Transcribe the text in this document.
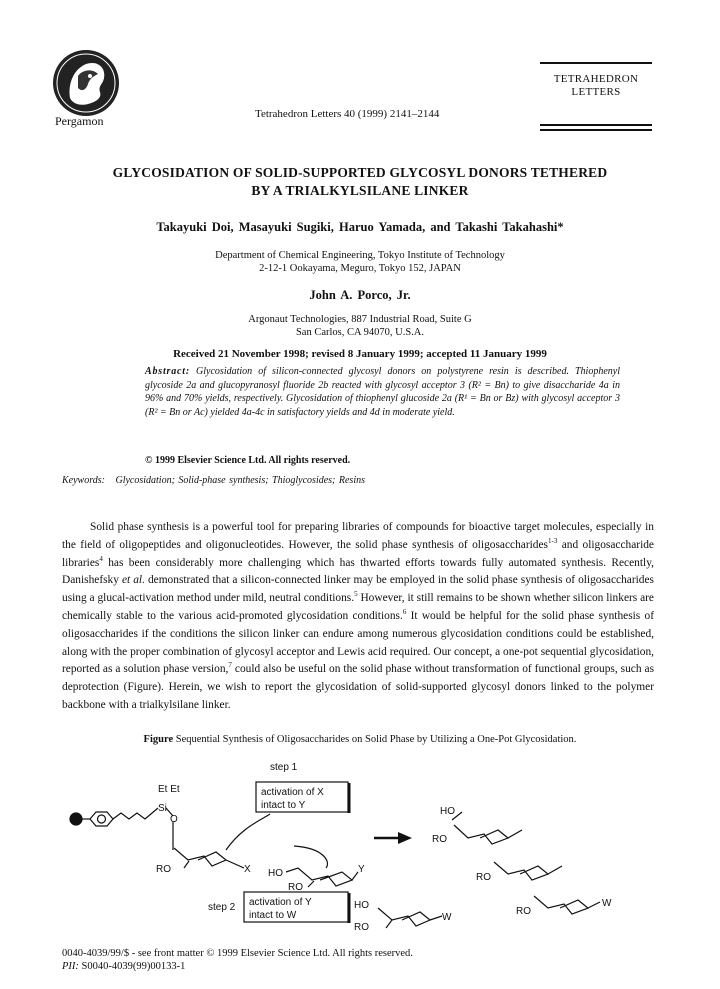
Pergamon	Tetrahedron Letters 40 (1999) 2141–2144
TETRAHEDRON
LETTERS
GLYCOSIDATION OF SOLID-SUPPORTED GLYCOSYL DONORS TETHERED
BY A TRIALKYLSILANE LINKER
Takayuki Doi, Masayuki Sugiki, Haruo Yamada, and Takashi Takahashi*
Department of Chemical Engineering, Tokyo Institute of Technology
2-12-1 Ookayama, Meguro, Tokyo 152, JAPAN
John A. Porco, Jr.
Argonaut Technologies, 887 Industrial Road, Suite G
San Carlos, CA 94070, U.S.A.
Received 21 November 1998; revised 8 January 1999; accepted 11 January 1999
Abstract: Glycosidation of silicon-connected glycosyl donors on polystyrene resin is described. Thiophenyl glycoside 2a and glucopyranosyl fluoride 2b reacted with glycosyl acceptor 3 (R² = Bn) to give disaccharide 4a in 96% and 70% yields, respectively. Glycosidation of thiophenyl glucoside 2a (R¹ = Bn or Bz) with glycosyl acceptor 3 (R² = Bn or Ac) yielded 4a-4c in satisfactory yields and 4d in moderate yield.
© 1999 Elsevier Science Ltd. All rights reserved.
Keywords: Glycosidation; Solid-phase synthesis; Thioglycosides; Resins

Solid phase synthesis is a powerful tool for preparing libraries of compounds for bioactive target molecules, especially in the field of oligopeptides and oligonucleotides. However, the solid phase synthesis of oligosaccharides$^{1-3}$ and oligosaccharide libraries$^4$ has been considerably more challenging which has thwarted efforts towards fully automated synthesis. Recently, Danishefsky et al. demonstrated that a silicon-connected linker may be employed in the solid phase synthesis of oligosaccharides using a glucal-activation method under mild, neutral conditions.$^5$ However, it still remains to be shown whether silicon linkers are chemically stable to the various acid-promoted glycosidation conditions.$^6$ It would be helpful for the solid phase synthesis of oligosaccharides if the conditions the silicon linker can endure among numerous glycosidation conditions could be established, along with the proper combination of glycosyl acceptor and Lewis acid required. Our concept, a one-pot sequential glycosidation, reported as a solution phase version,$^7$ could also be useful on the solid phase without transformation of functional groups, such as deprotection (Figure). Herein, we wish to report the glycosidation of solid-supported glycosyl donors linked to the polymer backbone with a trialkylsilane linker.

Figure Sequential Synthesis of Oligosaccharides on Solid Phase by Utilizing a One-Pot Glycosidation.
step 1
activation of X
intact to Y
step 2 activation of Y
intact to W
Et Et
Si
O
RO	X HO
RO
Y
HO
RO
W
HO
RO
RO
RO
W
0040-4039/99/$ - see front matter © 1999 Elsevier Science Ltd. All rights reserved.
PII: S0040-4039(99)00133-1
